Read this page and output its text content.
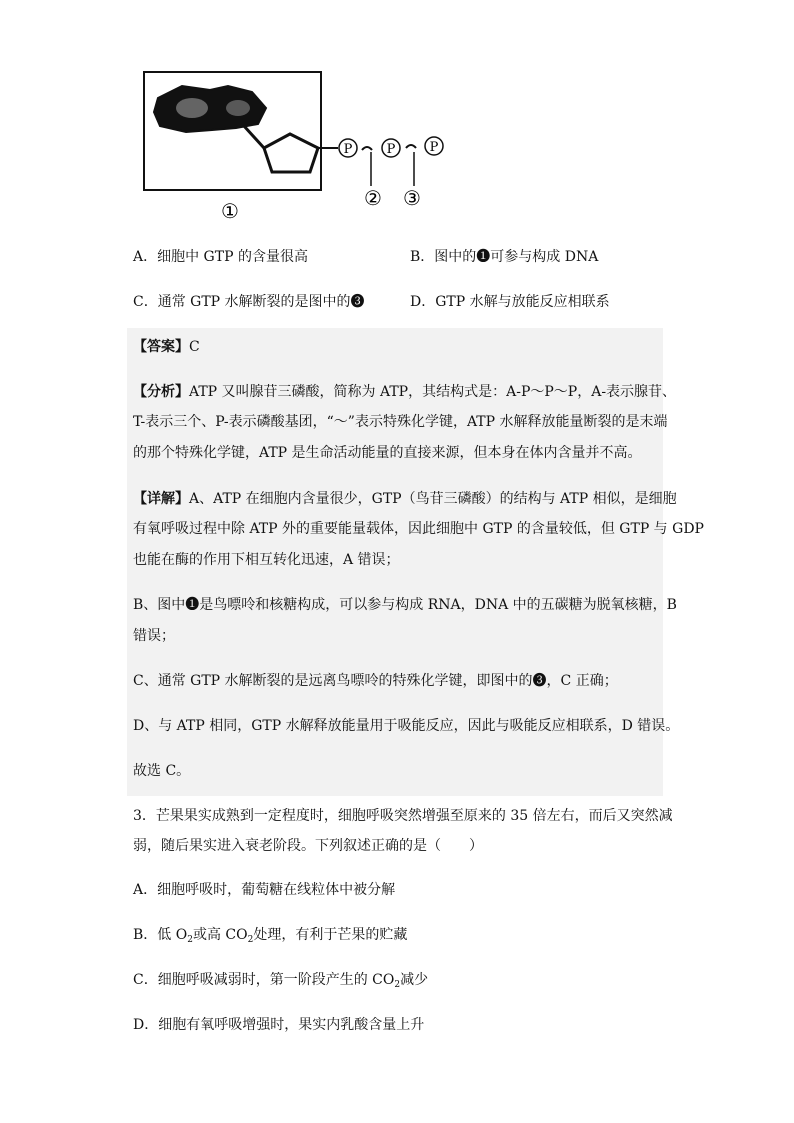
P	P	P
①
② ③
A．细胞中 GTP 的含量很高	B．图中的❶可参与构成 DNA
C．通常 GTP 水解断裂的是图中的❸	D．GTP 水解与放能反应相联系
【答案】C
【分析】ATP 又叫腺苷三磷酸，简称为 ATP，其结构式是：A-P～P～P，A-表示腺苷、
T-表示三个、P-表示磷酸基团，“～”表示特殊化学键，ATP 水解释放能量断裂的是末端
的那个特殊化学键，ATP 是生命活动能量的直接来源，但本身在体内含量并不高。
【详解】A、ATP 在细胞内含量很少，GTP（鸟苷三磷酸）的结构与 ATP 相似，是细胞
有氧呼吸过程中除 ATP 外的重要能量载体，因此细胞中 GTP 的含量较低，但 GTP 与 GDP
也能在酶的作用下相互转化迅速，A 错误；
B、图中❶是鸟嘌呤和核糖构成，可以参与构成 RNA，DNA 中的五碳糖为脱氧核糖，B
错误；
C、通常 GTP 水解断裂的是远离鸟嘌呤的特殊化学键，即图中的❸，C 正确；
D、与 ATP 相同，GTP 水解释放能量用于吸能反应，因此与吸能反应相联系，D 错误。
故选 C。
3．芒果果实成熟到一定程度时，细胞呼吸突然增强至原来的 35 倍左右，而后又突然减
弱，随后果实进入衰老阶段。下列叙述正确的是（　　）
A．细胞呼吸时，葡萄糖在线粒体中被分解
B．低 $O_2$或高 $CO_2$处理，有利于芒果的贮藏
C．细胞呼吸减弱时，第一阶段产生的 $CO_2$减少
D．细胞有氧呼吸增强时，果实内乳酸含量上升
